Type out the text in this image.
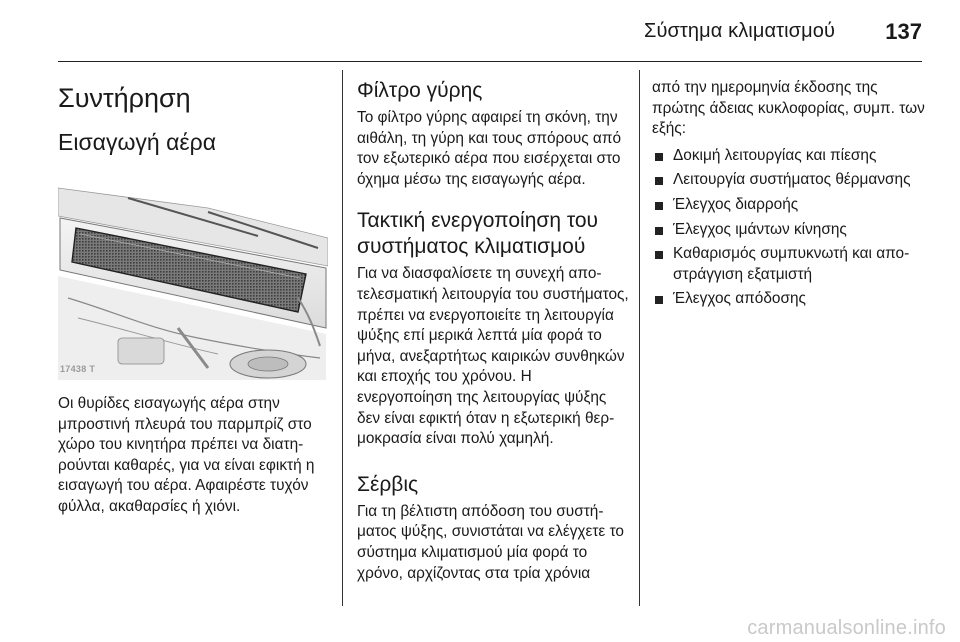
Σύστημα κλιματισμού 137
Συντήρηση
Εισαγωγή αέρα
17438 T

Οι θυρίδες εισαγωγής αέρα στην μπροστινή πλευρά του παρμπρίζ στο χώρο του κινητήρα πρέπει να διατηρούνται καθαρές, για να είναι εφικτή η εισαγωγή του αέρα. Αφαιρέστε τυχόν φύλλα, ακαθαρσίες ή χιόνι.

Φίλτρο γύρης

Το φίλτρο γύρης αφαιρεί τη σκόνη, την αιθάλη, τη γύρη και τους σπόρους από τον εξωτερικό αέρα που εισέρχεται στο όχημα μέσω της εισαγωγής αέρα.

Τακτική ενεργοποίηση του συστήματος κλιματισμού

Για να διασφαλίσετε τη συνεχή αποτελεσματική λειτουργία του συστήματος, πρέπει να ενεργοποιείτε τη λειτουργία ψύξης επί μερικά λεπτά μία φορά το μήνα, ανεξαρτήτως καιρικών συνθηκών και εποχής του χρόνου. Η ενεργοποίηση της λειτουργίας ψύξης δεν είναι εφικτή όταν η εξωτερική θερμοκρασία είναι πολύ χαμηλή.

Σέρβις

Για τη βέλτιστη απόδοση του συστήματος ψύξης, συνιστάται να ελέγχετε το σύστημα κλιματισμού μία φορά το χρόνο, αρχίζοντας στα τρία χρόνια

από την ημερομηνία έκδοσης της πρώτης άδειας κυκλοφορίας, συμπ. των εξής:

Δοκιμή λειτουργίας και πίεσης
Λειτουργία συστήματος θέρμανσης
Έλεγχος διαρροής
Έλεγχος ιμάντων κίνησης
Καθαρισμός συμπυκνωτή και αποστράγγιση εξατμιστή
Έλεγχος απόδοσης
carmanualsonline.info
